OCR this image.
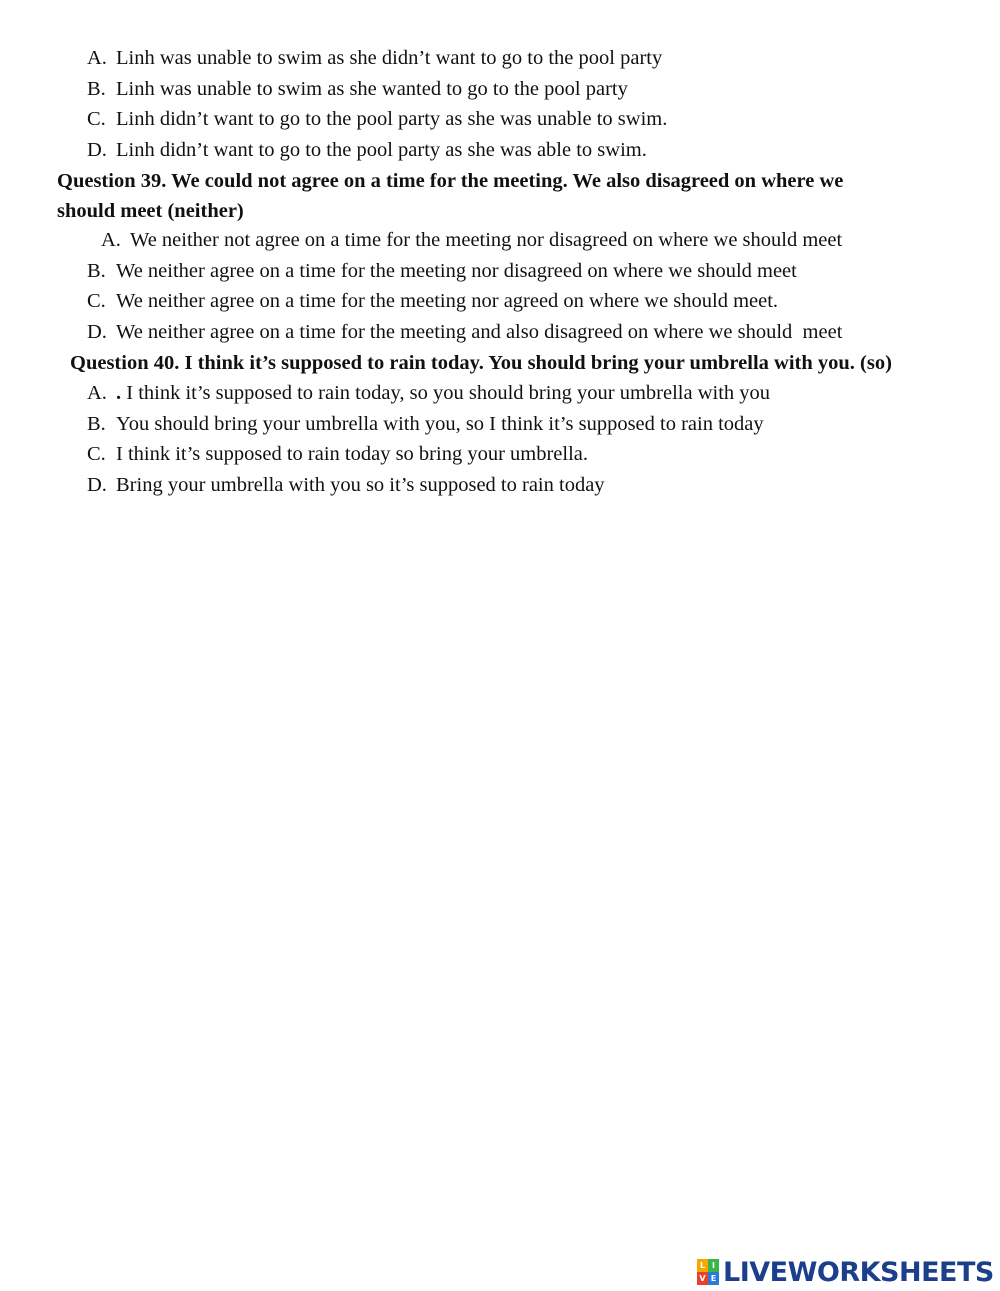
A. Linh was unable to swim as she didn’t want to go to the pool party
B. Linh was unable to swim as she wanted to go to the pool party
C. Linh didn’t want to go to the pool party as she was unable to swim.
D. Linh didn’t want to go to the pool party as she was able to swim.
Question 39. We could not agree on a time for the meeting. We also disagreed on where we
should meet (neither)
A. We neither not agree on a time for the meeting nor disagreed on where we should meet
B. We neither agree on a time for the meeting nor disagreed on where we should meet
C. We neither agree on a time for the meeting nor agreed on where we should meet.
D. We neither agree on a time for the meeting and also disagreed on where we should  meet
Question 40. I think it’s supposed to rain today. You should bring your umbrella with you. (so)
A. . I think it’s supposed to rain today, so you should bring your umbrella with you
B. You should bring your umbrella with you, so I think it’s supposed to rain today
C. I think it’s supposed to rain today so bring your umbrella.
D. Bring your umbrella with you so it’s supposed to rain today
L I
V E LIVEWORKSHEETS
